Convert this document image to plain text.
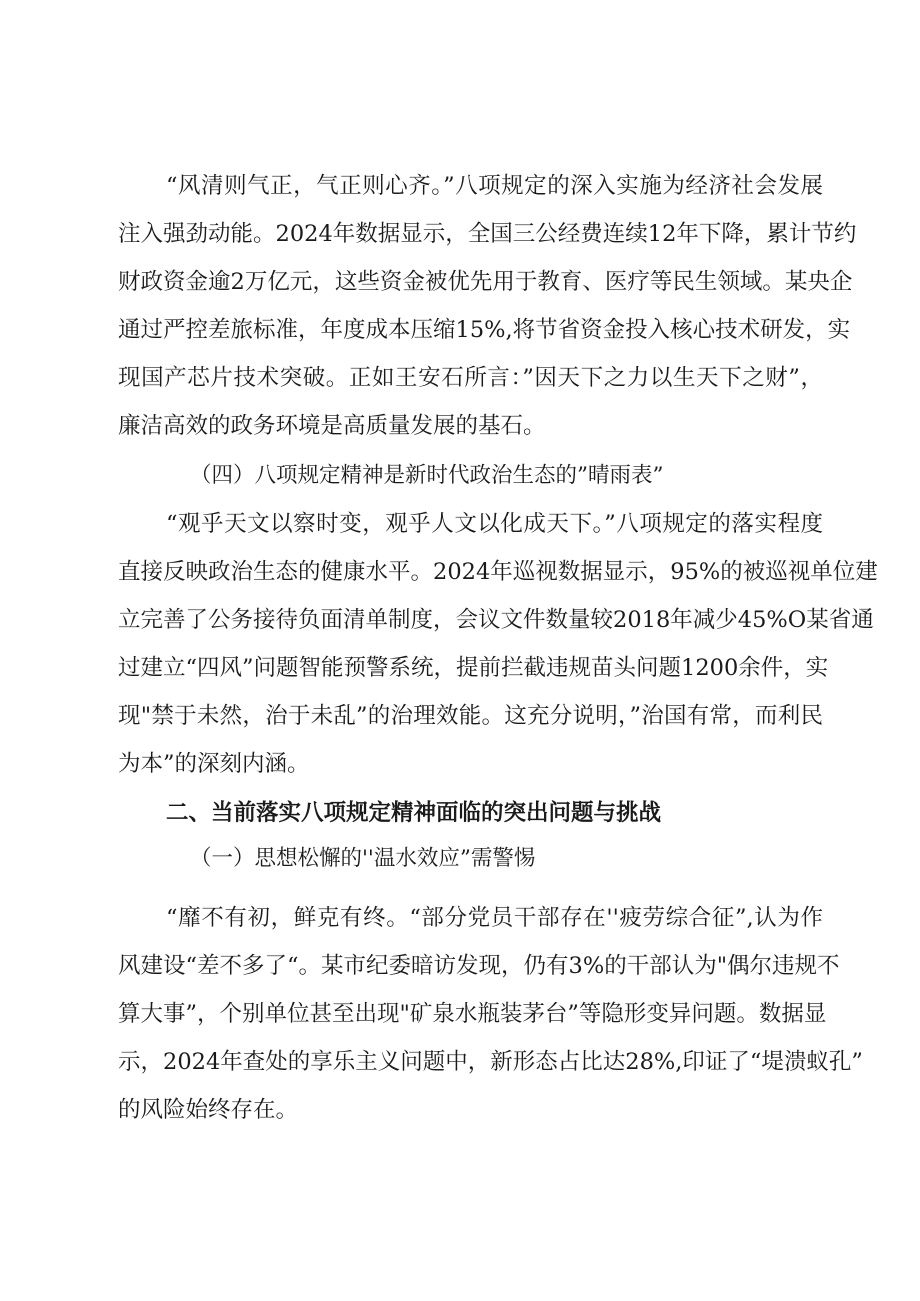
“风清则气正，气正则心齐。”八项规定的深入实施为经济社会发展
注入强劲动能。2024年数据显示，全国三公经费连续12年下降，累计节约
财政资金逾2万亿元，这些资金被优先用于教育、医疗等民生领域。某央企
通过严控差旅标准，年度成本压缩15%,将节省资金投入核心技术研发，实
现国产芯片技术突破。正如王安石所言：”因天下之力以生天下之财”，
廉洁高效的政务环境是高质量发展的基石。
（四）八项规定精神是新时代政治生态的”晴雨表”
“观乎天文以察时变，观乎人文以化成天下。”八项规定的落实程度
直接反映政治生态的健康水平。2024年巡视数据显示，95%的被巡视单位建
立完善了公务接待负面清单制度，会议文件数量较2018年减少45%O某省通
过建立“四风”问题智能预警系统，提前拦截违规苗头问题1200余件，实
现"禁于未然，治于未乱”的治理效能。这充分说明，”治国有常，而利民
为本”的深刻内涵。
二、当前落实八项规定精神面临的突出问题与挑战
（一）思想松懈的''温水效应”需警惕
“靡不有初，鲜克有终。“部分党员干部存在''疲劳综合征”,认为作
风建设“差不多了“。某市纪委暗访发现，仍有3%的干部认为"偶尔违规不
算大事”，个别单位甚至出现"矿泉水瓶装茅台”等隐形变异问题。数据显
示，2024年查处的享乐主义问题中，新形态占比达28%,印证了“堤溃蚁孔”
的风险始终存在。
